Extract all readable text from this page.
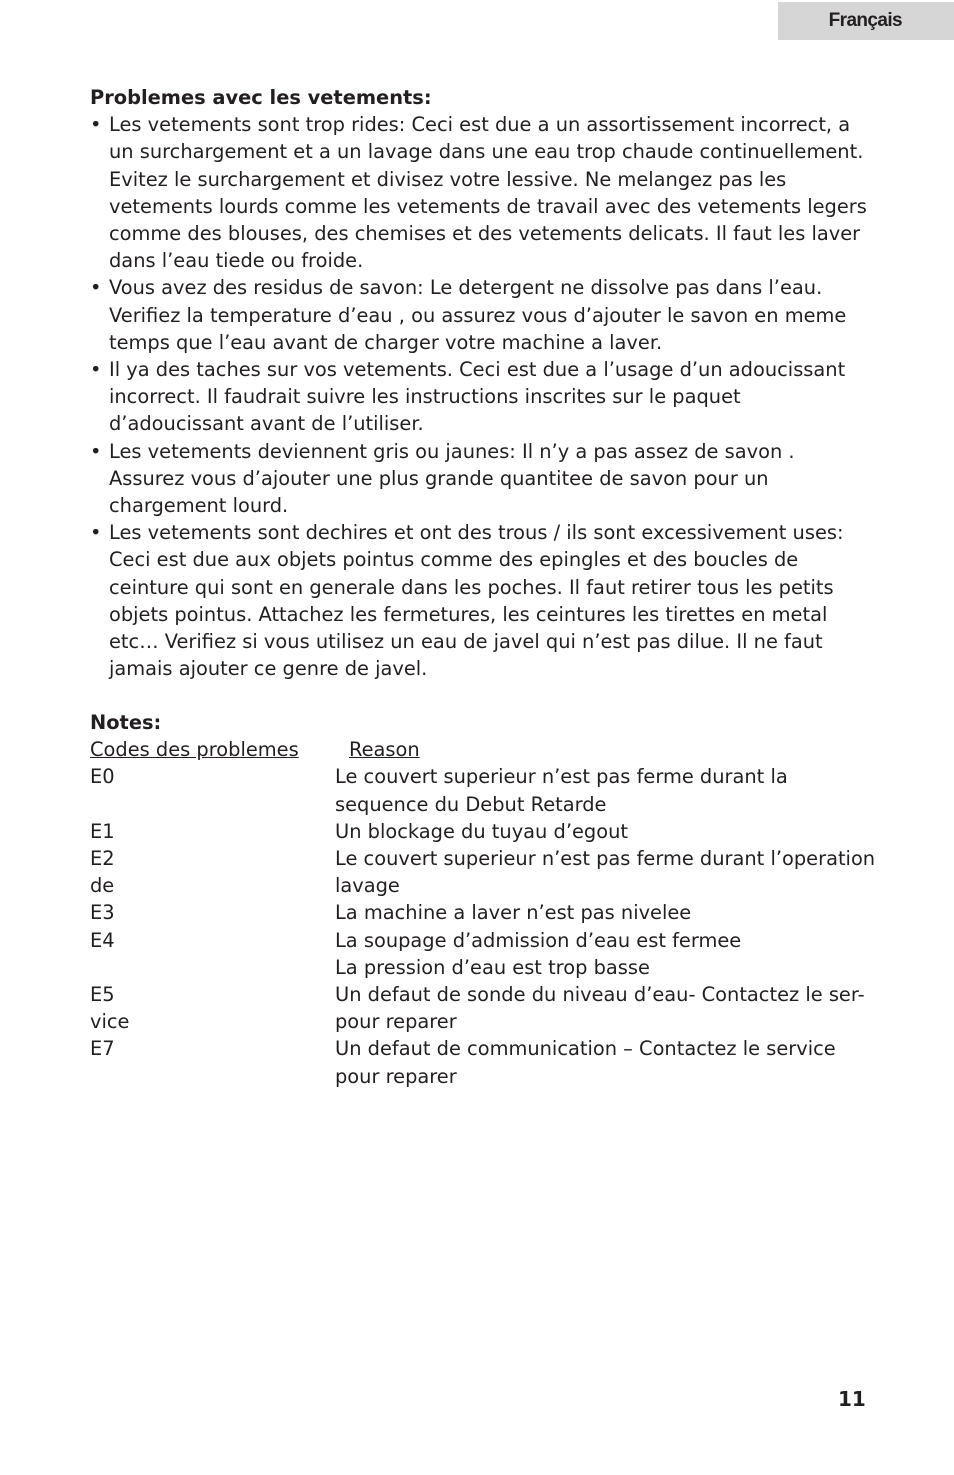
Français

Problemes avec les vetements:

• Les vetements sont trop rides: Ceci est due a un assortissement incorrect, a un surchargement et a un lavage dans une eau trop chaude continuellement. Evitez le surchargement et divisez votre lessive. Ne melangez pas les vetements lourds comme les vetements de travail avec des vetements legers comme des blouses, des chemises et des vetements delicats. Il faut les laver dans l’eau tiede ou froide.
• Vous avez des residus de savon: Le detergent ne dissolve pas dans l’eau. Verifiez la temperature d’eau , ou assurez vous d’ajouter le savon en meme temps que l’eau avant de charger votre machine a laver.
• Il ya des taches sur vos vetements. Ceci est due a l’usage d’un adoucissant incorrect. Il faudrait suivre les instructions inscrites sur le paquet d’adoucissant avant de l’utiliser.
• Les vetements deviennent gris ou jaunes: Il n’y a pas assez de savon . Assurez vous d’ajouter une plus grande quantitee de savon pour un chargement lourd.
• Les vetements sont dechires et ont des trous / ils sont excessivement uses: Ceci est due aux objets pointus comme des epingles et des boucles de ceinture qui sont en generale dans les poches. Il faut retirer tous les petits objets pointus. Attachez les fermetures, les ceintures les tirettes en metal etc… Verifiez si vous utilisez un eau de javel qui n’est pas dilue. Il ne faut jamais ajouter ce genre de javel.
Notes:
Codes des problemes	Reason
E0	Le couvert superieur n’est pas ferme durant la
sequence du Debut Retarde
E1	Un blockage du tuyau d’egout
E2	Le couvert superieur n’est pas ferme durant l’operation
de	lavage
E3	La machine a laver n’est pas nivelee
E4	La soupage d’admission d’eau est fermee
La pression d’eau est trop basse
E5	Un defaut de sonde du niveau d’eau- Contactez le ser-
vice	pour reparer
E7	Un defaut de communication – Contactez le service
pour reparer
11
